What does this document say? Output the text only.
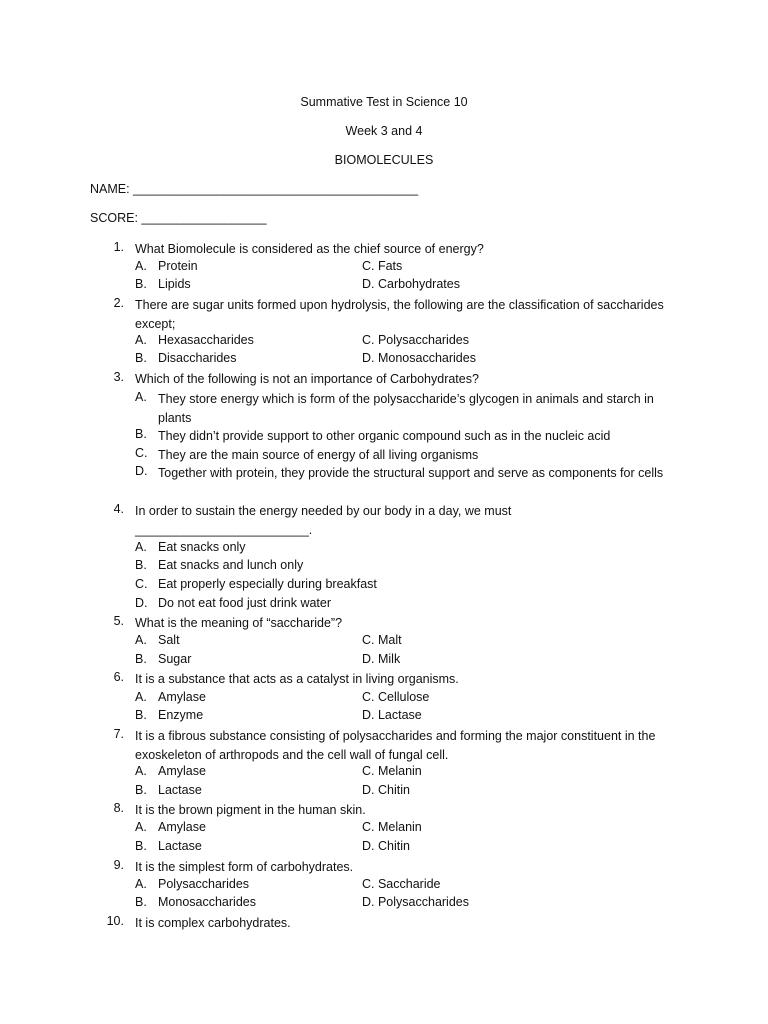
Summative Test in Science 10
Week 3 and 4
BIOMOLECULES
NAME: _________________________________________
SCORE: __________________
1. What Biomolecule is considered as the chief source of energy?
A. Protein	C. Fats
B. Lipids	D. Carbohydrates
2. There are sugar units formed upon hydrolysis, the following are the classification of saccharides except;
A. Hexasaccharides	C. Polysaccharides
B. Disaccharides	D. Monosaccharides
3. Which of the following is not an importance of Carbohydrates?
A. They store energy which is form of the polysaccharide’s glycogen in animals and starch in plants
B. They didn’t provide support to other organic compound such as in the nucleic acid
C. They are the main source of energy of all living organisms
D. Together with protein, they provide the structural support and serve as components for cells
4. In order to sustain the energy needed by our body in a day, we must
_________________________.
A. Eat snacks only
B. Eat snacks and lunch only
C. Eat properly especially during breakfast
D. Do not eat food just drink water
5. What is the meaning of “saccharide”?
A. Salt	C. Malt
B. Sugar	D. Milk
6. It is a substance that acts as a catalyst in living organisms.
A. Amylase	C. Cellulose
B. Enzyme	D. Lactase
7. It is a fibrous substance consisting of polysaccharides and forming the major constituent in the exoskeleton of arthropods and the cell wall of fungal cell.
A. Amylase	C. Melanin
B. Lactase	D. Chitin
8. It is the brown pigment in the human skin.
A. Amylase	C. Melanin
B. Lactase	D. Chitin
9. It is the simplest form of carbohydrates.
A. Polysaccharides	C. Saccharide
B. Monosaccharides	D. Polysaccharides
10. It is complex carbohydrates.
